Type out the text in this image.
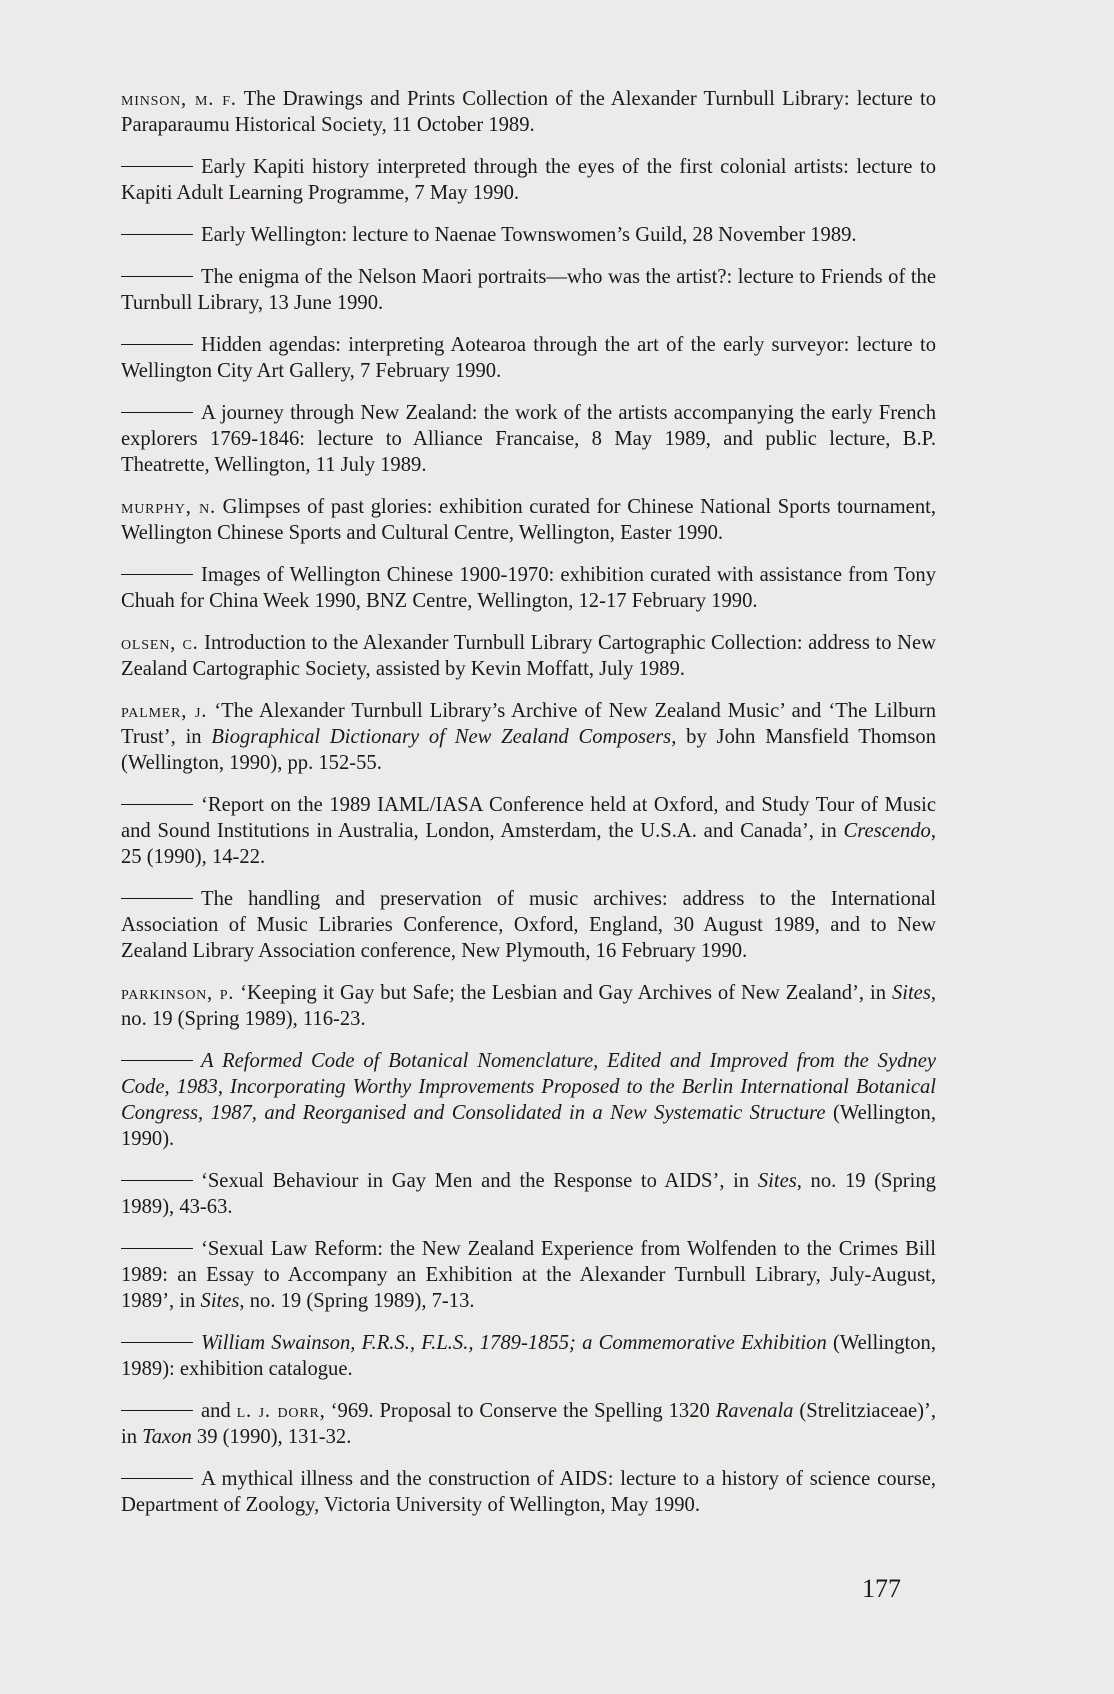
minson, m. f. The Drawings and Prints Collection of the Alexander Turnbull Library: lecture to Paraparaumu Historical Society, 11 October 1989.

Early Kapiti history interpreted through the eyes of the first colonial artists: lecture to Kapiti Adult Learning Programme, 7 May 1990.

Early Wellington: lecture to Naenae Townswomen’s Guild, 28 November 1989.

The enigma of the Nelson Maori portraits—who was the artist?: lecture to Friends of the Turnbull Library, 13 June 1990.

Hidden agendas: interpreting Aotearoa through the art of the early surveyor: lecture to Wellington City Art Gallery, 7 February 1990.

A journey through New Zealand: the work of the artists accompanying the early French explorers 1769-1846: lecture to Alliance Francaise, 8 May 1989, and public lecture, B.P. Theatrette, Wellington, 11 July 1989.

murphy, n. Glimpses of past glories: exhibition curated for Chinese National Sports tournament, Wellington Chinese Sports and Cultural Centre, Wellington, Easter 1990.

Images of Wellington Chinese 1900-1970: exhibition curated with assistance from Tony Chuah for China Week 1990, BNZ Centre, Wellington, 12-17 February 1990.

olsen, c. Introduction to the Alexander Turnbull Library Cartographic Collection: address to New Zealand Cartographic Society, assisted by Kevin Moffatt, July 1989.

palmer, j. ‘The Alexander Turnbull Library’s Archive of New Zealand Music’ and ‘The Lilburn Trust’, in Biographical Dictionary of New Zealand Composers, by John Mansfield Thomson (Wellington, 1990), pp. 152-55.

‘Report on the 1989 IAML/IASA Conference held at Oxford, and Study Tour of Music and Sound Institutions in Australia, London, Amsterdam, the U.S.A. and Canada’, in Crescendo, 25 (1990), 14-22.

The handling and preservation of music archives: address to the International Association of Music Libraries Conference, Oxford, England, 30 August 1989, and to New Zealand Library Association conference, New Plymouth, 16 February 1990.

parkinson, p. ‘Keeping it Gay but Safe; the Lesbian and Gay Archives of New Zealand’, in Sites, no. 19 (Spring 1989), 116-23.

A Reformed Code of Botanical Nomenclature, Edited and Improved from the Sydney Code, 1983, Incorporating Worthy Improvements Proposed to the Berlin International Botanical Congress, 1987, and Reorganised and Consolidated in a New Systematic Structure (Wellington, 1990).

‘Sexual Behaviour in Gay Men and the Response to AIDS’, in Sites, no. 19 (Spring 1989), 43-63.

‘Sexual Law Reform: the New Zealand Experience from Wolfenden to the Crimes Bill 1989: an Essay to Accompany an Exhibition at the Alexander Turnbull Library, July-August, 1989’, in Sites, no. 19 (Spring 1989), 7-13.

William Swainson, F.R.S., F.L.S., 1789-1855; a Commemorative Exhibition (Wellington, 1989): exhibition catalogue.

and l. j. dorr, ‘969. Proposal to Conserve the Spelling 1320 Ravenala (Strelitziaceae)’, in Taxon 39 (1990), 131-32.

A mythical illness and the construction of AIDS: lecture to a history of science course, Department of Zoology, Victoria University of Wellington, May 1990.

177
